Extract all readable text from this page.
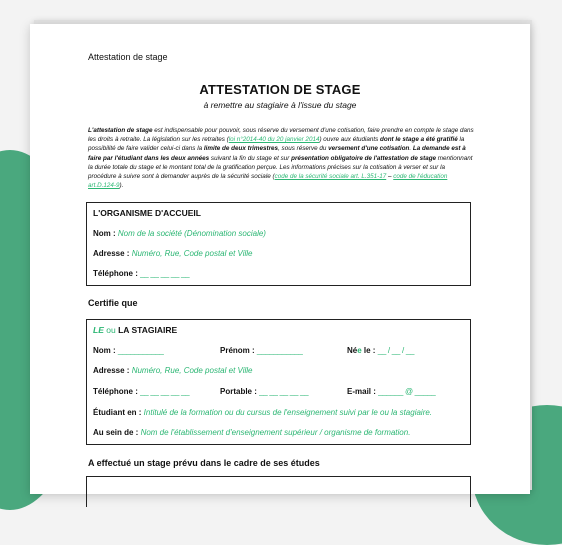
Attestation de stage
ATTESTATION DE STAGE
à remettre au stagiaire à l'issue du stage
L'attestation de stage est indispensable pour pouvoir, sous réserve du versement d'une cotisation, faire prendre en compte le stage dans les droits à retraite. La législation sur les retraites (loi n°2014-40 du 20 janvier 2014) ouvre aux étudiants dont le stage a été gratifié la possibilité de faire valider celui-ci dans la limite de deux trimestres, sous réserve du versement d'une cotisation. La demande est à faire par l'étudiant dans les deux années suivant la fin du stage et sur présentation obligatoire de l'attestation de stage mentionnant la durée totale du stage et le montant total de la gratification perçue. Les informations précises sur la cotisation à verser et sur la procédure à suivre sont à demander auprès de la sécurité sociale (code de la sécurité sociale art. L.351-17 – code de l'éducation art.D.124-9).
L'ORGANISME D'ACCUEIL
Nom : Nom de la société (Dénomination sociale)
Adresse : Numéro, Rue, Code postal et Ville
Téléphone : __ __ __ __ __
Certifie que
LE ou LA STAGIAIRE
Nom : ___________	Prénom : ___________	Née le : __ / __ / __
Adresse : Numéro, Rue, Code postal et Ville
Téléphone : __ __ __ __ __	Portable : __ __ __ __ __	E-mail : ______ @ _____
Étudiant en : Intitulé de la formation ou du cursus de l'enseignement suivi par le ou la stagiaire.
Au sein de : Nom de l'établissement d'enseignement supérieur / organisme de formation.
A effectué un stage prévu dans le cadre de ses études
